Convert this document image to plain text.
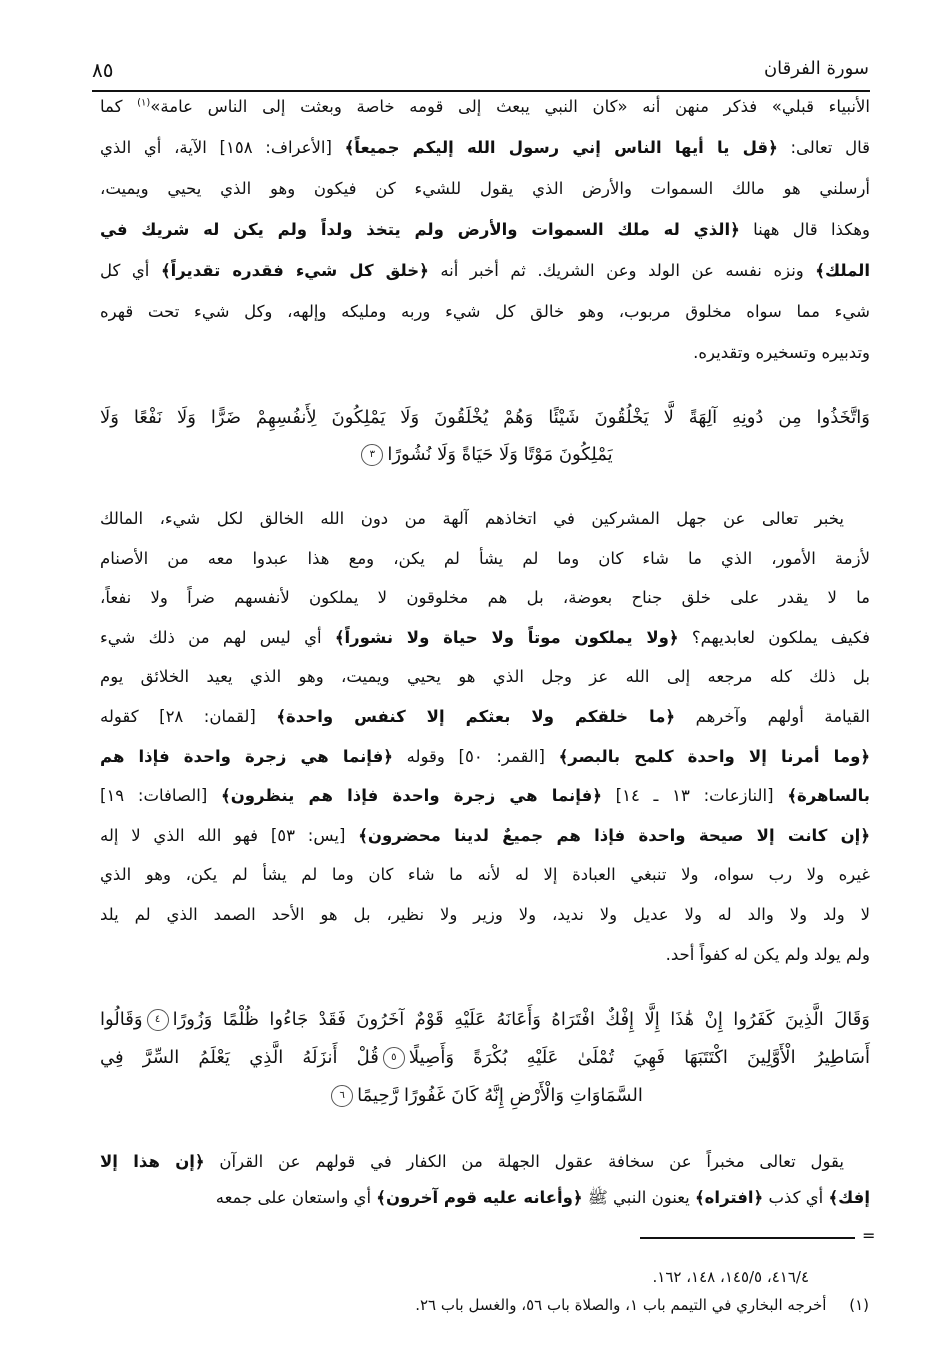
سورة الفرقان
٨٥
الأنبياء قبلي» فذكر منهن أنه «كان النبي يبعث إلى قومه خاصة وبعثت إلى الناس عامة»$^{(١)}$ كما
قال تعالى: ﴿قل يا أيها الناس إني رسول الله إليكم جميعاً﴾ [الأعراف: ١٥٨] الآية، أي الذي
أرسلني هو مالك السموات والأرض الذي يقول للشيء كن فيكون وهو الذي يحيي ويميت،
وهكذا قال ههنا ﴿الذي له ملك السموات والأرض ولم يتخذ ولداً ولم يكن له شريك في
الملك﴾ ونزه نفسه عن الولد وعن الشريك. ثم أخبر أنه ﴿خلق كل شيء فقدره تقديراً﴾ أي كل
شيء مما سواه مخلوق مربوب، وهو خالق كل شيء وربه ومليكه وإلهه، وكل شيء تحت قهره
وتدبيره وتسخيره وتقديره.
وَاتَّخَذُوا مِن دُونِهِ آلِهَةً لَّا يَخْلُقُونَ شَيْئًا وَهُمْ يُخْلَقُونَ وَلَا يَمْلِكُونَ لِأَنفُسِهِمْ ضَرًّا وَلَا نَفْعًا وَلَا
يَمْلِكُونَ مَوْتًا وَلَا حَيَاةً وَلَا نُشُورًا٣
يخبر تعالى عن جهل المشركين في اتخاذهم آلهة من دون الله الخالق لكل شيء، المالك
لأزمة الأمور، الذي ما شاء كان وما لم يشأ لم يكن، ومع هذا عبدوا معه من الأصنام
ما لا يقدر على خلق جناح بعوضة، بل هم مخلوقون لا يملكون لأنفسهم ضراً ولا نفعاً،
فكيف يملكون لعابديهم؟ ﴿ولا يملكون موتاً ولا حياة ولا نشوراً﴾ أي ليس لهم من ذلك شيء
بل ذلك كله مرجعه إلى الله عز وجل الذي هو يحيي ويميت، وهو الذي يعيد الخلائق يوم
القيامة أولهم وآخرهم ﴿ما خلقكم ولا بعثكم إلا كنفس واحدة﴾ [لقمان: ٢٨] كقوله
﴿وما أمرنا إلا واحدة كلمح بالبصر﴾ [القمر: ٥٠] وقوله ﴿فإنما هي زجرة واحدة فإذا هم
بالساهرة﴾ [النازعات: ١٣ ـ ١٤] ﴿فإنما هي زجرة واحدة فإذا هم ينظرون﴾ [الصافات: ١٩]
﴿إن كانت إلا صيحة واحدة فإذا هم جميعٌ لدينا محضرون﴾ [يس: ٥٣] فهو الله الذي لا إله
غيره ولا رب سواه، ولا تنبغي العبادة إلا له لأنه ما شاء كان وما لم يشأ لم يكن، وهو الذي
لا ولد ولا والد له ولا عديل ولا نديد، ولا وزير ولا نظير، بل هو الأحد الصمد الذي لم يلد
ولم يولد ولم يكن له كفواً أحد.
وَقَالَ الَّذِينَ كَفَرُوا إِنْ هَٰذَا إِلَّا إِفْكٌ افْتَرَاهُ وَأَعَانَهُ عَلَيْهِ قَوْمٌ آخَرُونَ فَقَدْ جَاءُوا ظُلْمًا وَزُورًا٤وَقَالُوا
أَسَاطِيرُ الْأَوَّلِينَ اكْتَتَبَهَا فَهِيَ تُمْلَىٰ عَلَيْهِ بُكْرَةً وَأَصِيلًا٥قُلْ أَنزَلَهُ الَّذِي يَعْلَمُ السِّرَّ فِي
السَّمَاوَاتِ وَالْأَرْضِ إِنَّهُ كَانَ غَفُورًا رَّحِيمًا٦
يقول تعالى مخبراً عن سخافة عقول الجهلة من الكفار في قولهم عن القرآن ﴿إن هذا إلا
إفك﴾ أي كذب ﴿افتراه﴾ يعنون النبي ﷺ ﴿وأعانه عليه قوم آخرون﴾ أي واستعان على جمعه
=
٤١٦/٤، ١٤٥/٥، ١٤٨، ١٦٢.
(١) أخرجه البخاري في التيمم باب ١، والصلاة باب ٥٦، والغسل باب ٢٦.
